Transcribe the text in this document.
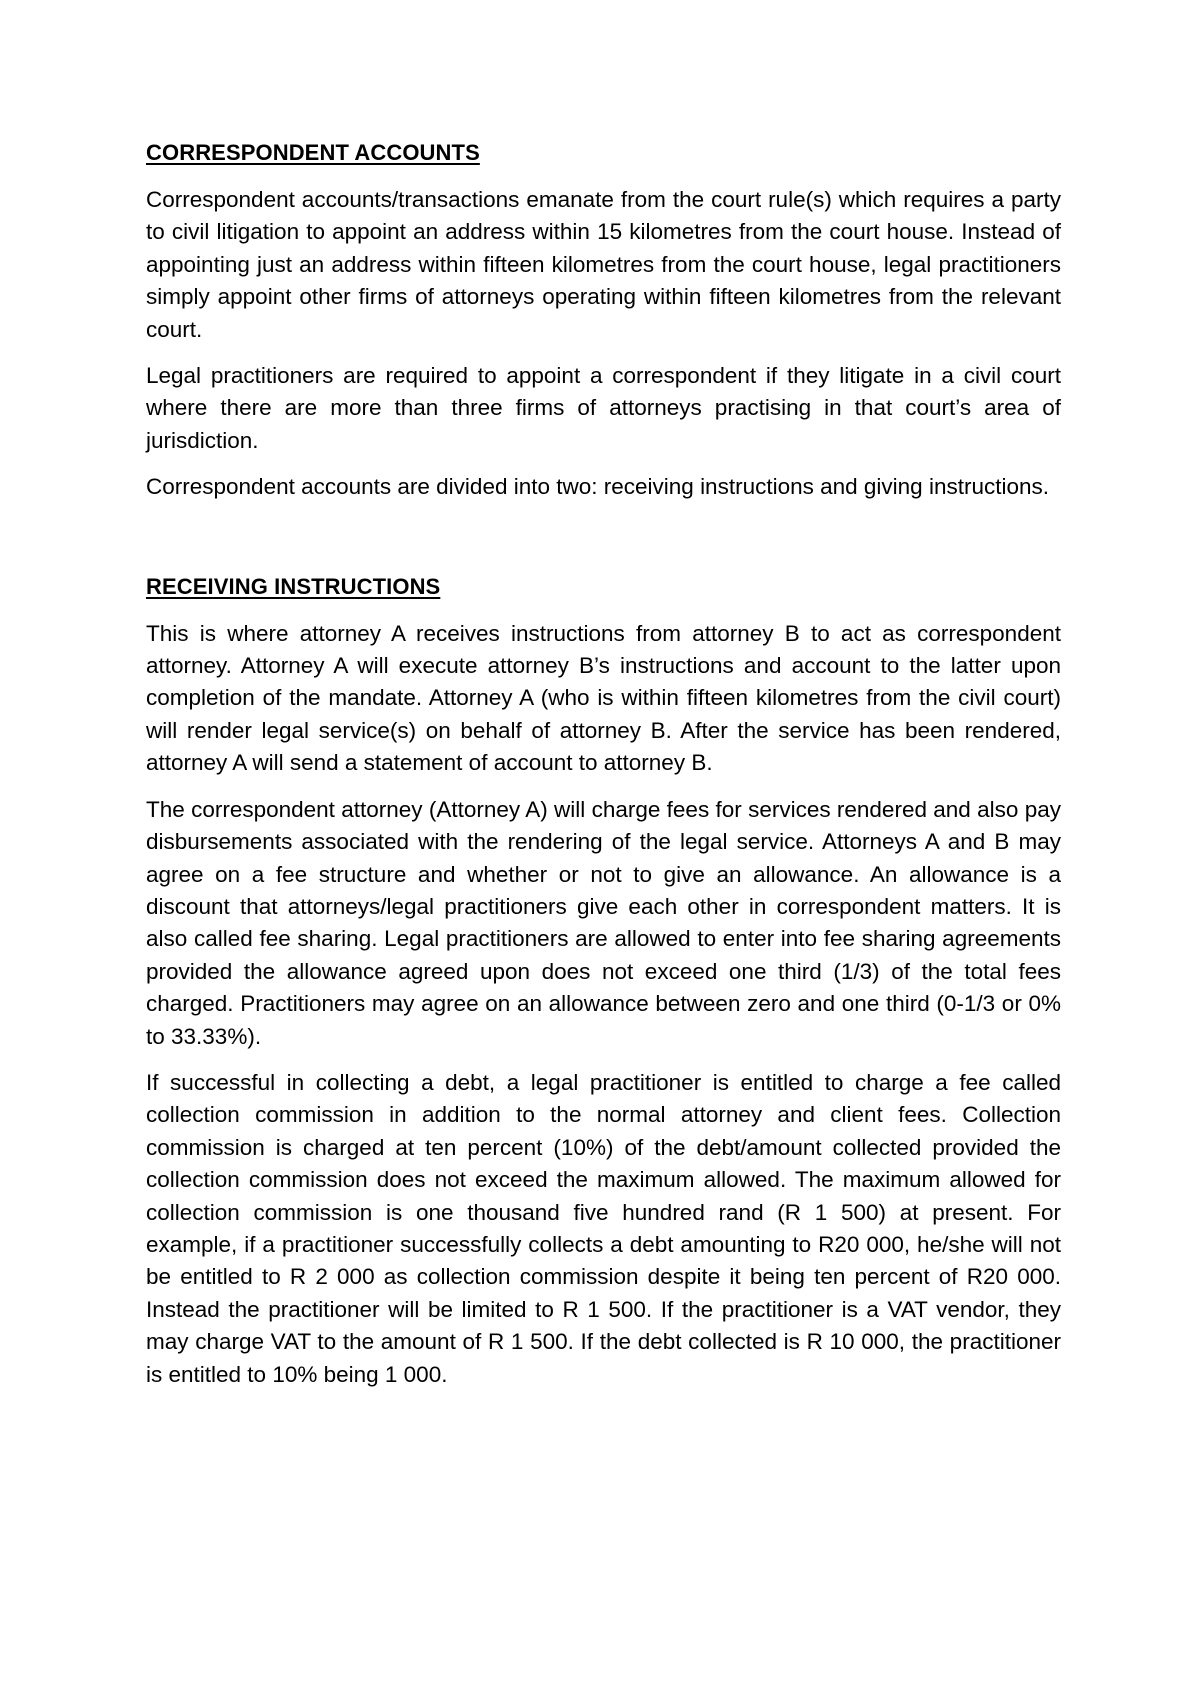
CORRESPONDENT ACCOUNTS

Correspondent accounts/transactions emanate from the court rule(s) which requires a party to civil litigation to appoint an address within 15 kilometres from the court house. Instead of appointing just an address within fifteen kilometres from the court house, legal practitioners simply appoint other firms of attorneys operating within fifteen kilometres from the relevant court.

Legal practitioners are required to appoint a correspondent if they litigate in a civil court where there are more than three firms of attorneys practising in that court’s area of jurisdiction.

Correspondent accounts are divided into two: receiving instructions and giving instructions.

RECEIVING INSTRUCTIONS

This is where attorney A receives instructions from attorney B to act as correspondent attorney. Attorney A will execute attorney B’s instructions and account to the latter upon completion of the mandate. Attorney A (who is within fifteen kilometres from the civil court) will render legal service(s) on behalf of attorney B. After the service has been rendered, attorney A will send a statement of account to attorney B.

The correspondent attorney (Attorney A) will charge fees for services rendered and also pay disbursements associated with the rendering of the legal service. Attorneys A and B may agree on a fee structure and whether or not to give an allowance. An allowance is a discount that attorneys/legal practitioners give each other in correspondent matters. It is also called fee sharing. Legal practitioners are allowed to enter into fee sharing agreements provided the allowance agreed upon does not exceed one third (1/3) of the total fees charged. Practitioners may agree on an allowance between zero and one third (0-1/3 or 0% to 33.33%).

If successful in collecting a debt, a legal practitioner is entitled to charge a fee called collection commission in addition to the normal attorney and client fees. Collection commission is charged at ten percent (10%) of the debt/amount collected provided the collection commission does not exceed the maximum allowed. The maximum allowed for collection commission is one thousand five hundred rand (R 1 500) at present. For example, if a practitioner successfully collects a debt amounting to R20 000, he/she will not be entitled to R 2 000 as collection commission despite it being ten percent of R20 000. Instead the practitioner will be limited to R 1 500. If the practitioner is a VAT vendor, they may charge VAT to the amount of R 1 500. If the debt collected is R 10 000, the practitioner is entitled to 10% being 1 000.
